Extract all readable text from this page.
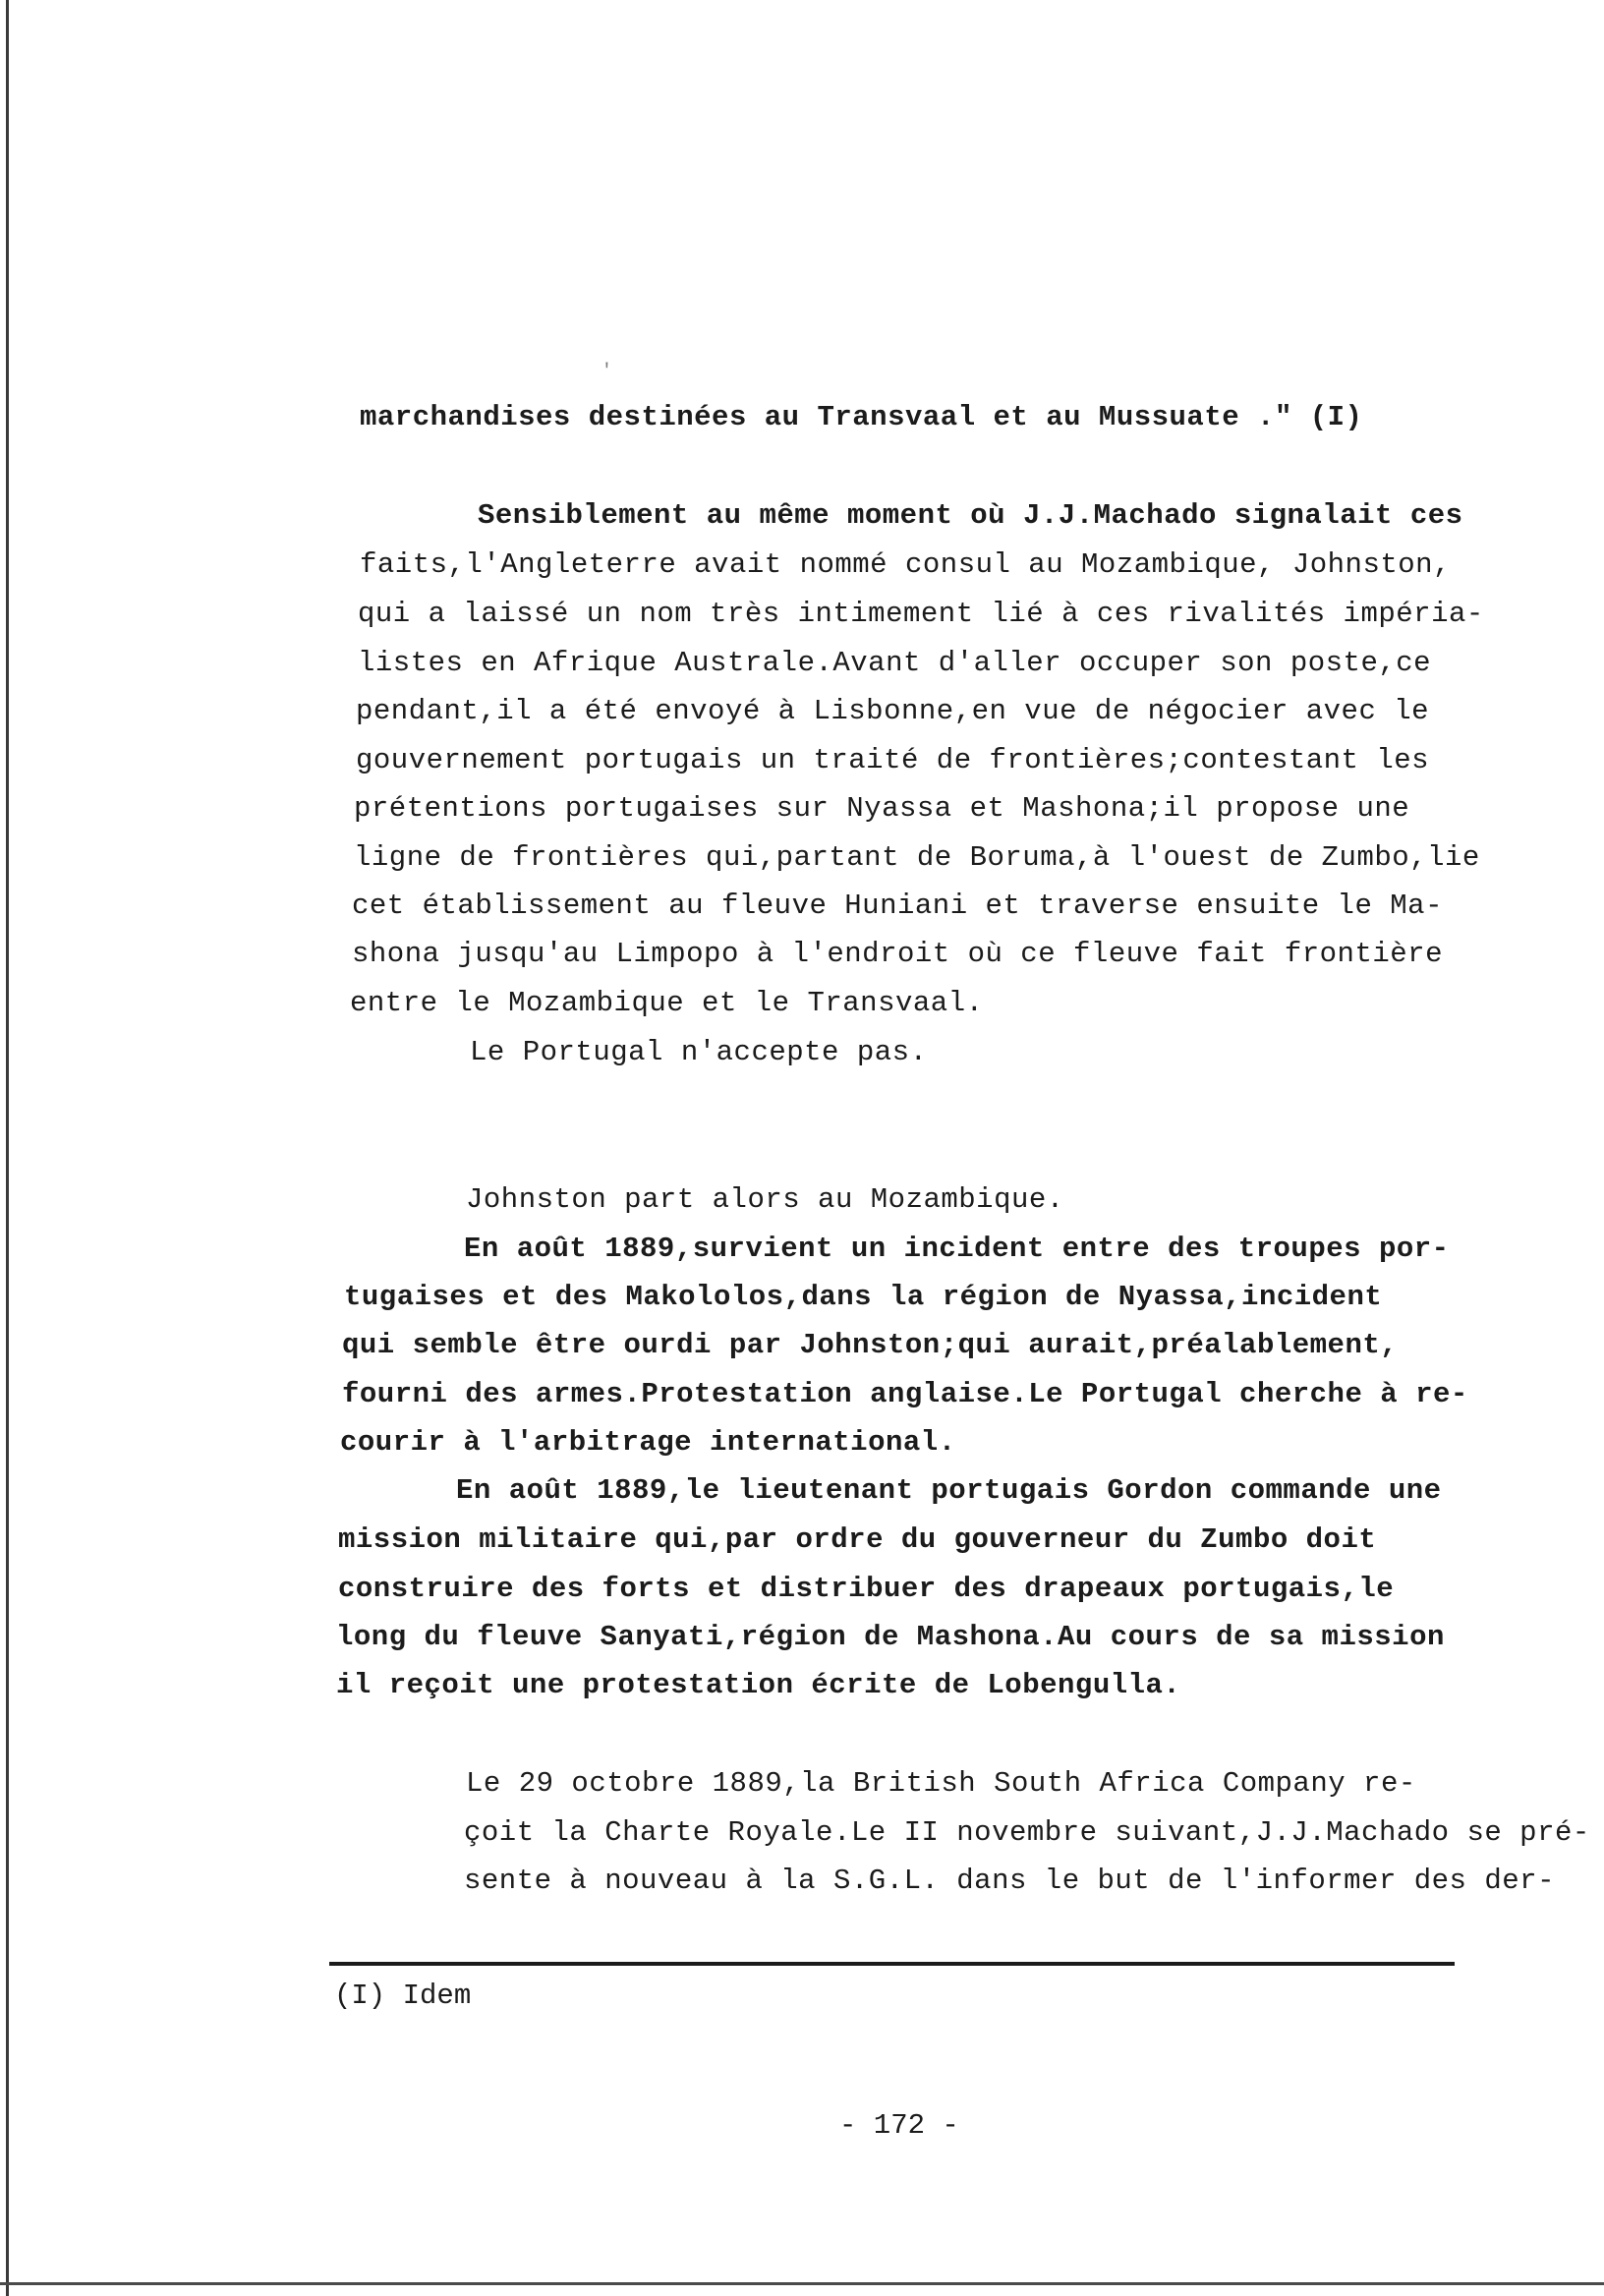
′
marchandises destinées au Transvaal et au Mussuate ." (I)
Sensiblement au même moment où J.J.Machado signalait ces
faits,l'Angleterre avait nommé consul au Mozambique, Johnston,
qui a laissé un nom très intimement lié à ces rivalités impéria-
listes en Afrique Australe.Avant d'aller occuper son poste,ce
pendant,il a été envoyé à Lisbonne,en vue de négocier avec le
gouvernement portugais un traité de frontières;contestant les
prétentions portugaises sur Nyassa et Mashona;il propose une
ligne de frontières qui,partant de Boruma,à l'ouest de Zumbo,lie
cet établissement au fleuve Huniani et traverse ensuite le Ma-
shona jusqu'au Limpopo à l'endroit où ce fleuve fait frontière
entre le Mozambique et le Transvaal.
Le Portugal n'accepte pas.
Johnston part alors au Mozambique.
En août 1889,survient un incident entre des troupes por-
tugaises et des Makololos,dans la région de Nyassa,incident
qui semble être ourdi par Johnston;qui aurait,préalablement,
fourni des armes.Protestation anglaise.Le Portugal cherche à re-
courir à l'arbitrage international.
(I) Idem
- 172 -
En août 1889,le lieutenant portugais Gordon commande une
mission militaire qui,par ordre du gouverneur du Zumbo doit
construire des forts et distribuer des drapeaux portugais,le
long du fleuve Sanyati,région de Mashona.Au cours de sa mission
il reçoit une protestation écrite de Lobengulla.
Le 29 octobre 1889,la British South Africa Company re-
çoit la Charte Royale.Le II novembre suivant,J.J.Machado se pré-
sente à nouveau à la S.G.L. dans le but de l'informer des der-
